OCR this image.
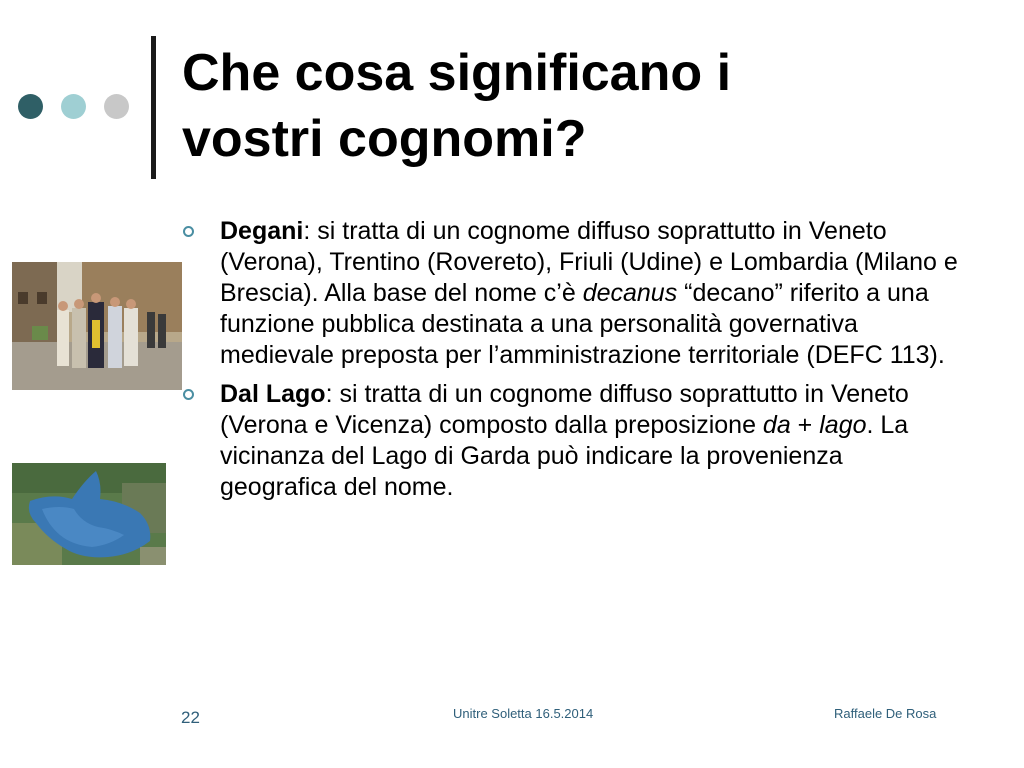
Che cosa significano i
vostri cognomi?
Degani: si tratta di un cognome diffuso soprattutto in Veneto (Verona), Trentino (Rovereto), Friuli (Udine) e Lombardia (Milano e Brescia). Alla base del nome c’è decanus “decano” riferito a una funzione pubblica destinata a una personalità governativa medievale preposta per l’amministrazione territoriale (DEFC 113).
Dal Lago: si tratta di un cognome diffuso soprattutto in Veneto (Verona e Vicenza) composto dalla preposizione da + lago. La vicinanza del Lago di Garda può indicare la provenienza geografica del nome.
22	Unitre Soletta 16.5.2014	Raffaele De Rosa
